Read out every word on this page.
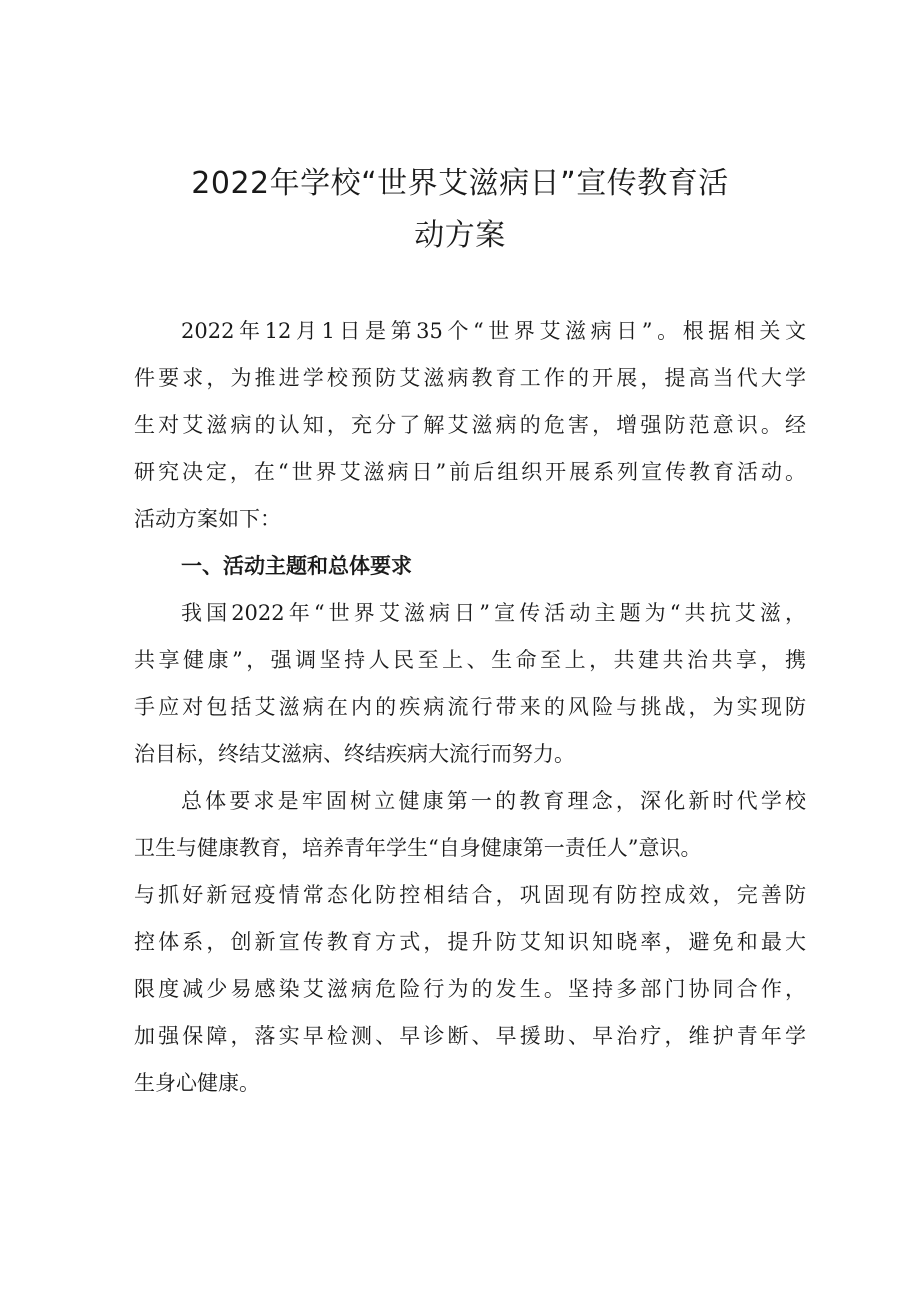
2022年学校“世界艾滋病日”宣传教育活
动方案

2022年12月1日是第35个“世界艾滋病日”。根据相关文
件要求，为推进学校预防艾滋病教育工作的开展，提高当代大学
生对艾滋病的认知，充分了解艾滋病的危害，增强防范意识。经
研究决定，在“世界艾滋病日”前后组织开展系列宣传教育活动。
活动方案如下：

一、活动主题和总体要求

我国2022年“世界艾滋病日”宣传活动主题为“共抗艾滋，
共享健康”，强调坚持人民至上、生命至上，共建共治共享，携
手应对包括艾滋病在内的疾病流行带来的风险与挑战，为实现防
治目标，终结艾滋病、终结疾病大流行而努力。

总体要求是牢固树立健康第一的教育理念，深化新时代学校
卫生与健康教育，培养青年学生“自身健康第一责任人”意识。
与抓好新冠疫情常态化防控相结合，巩固现有防控成效，完善防
控体系，创新宣传教育方式，提升防艾知识知晓率，避免和最大
限度减少易感染艾滋病危险行为的发生。坚持多部门协同合作，
加强保障，落实早检测、早诊断、早援助、早治疗，维护青年学
生身心健康。
